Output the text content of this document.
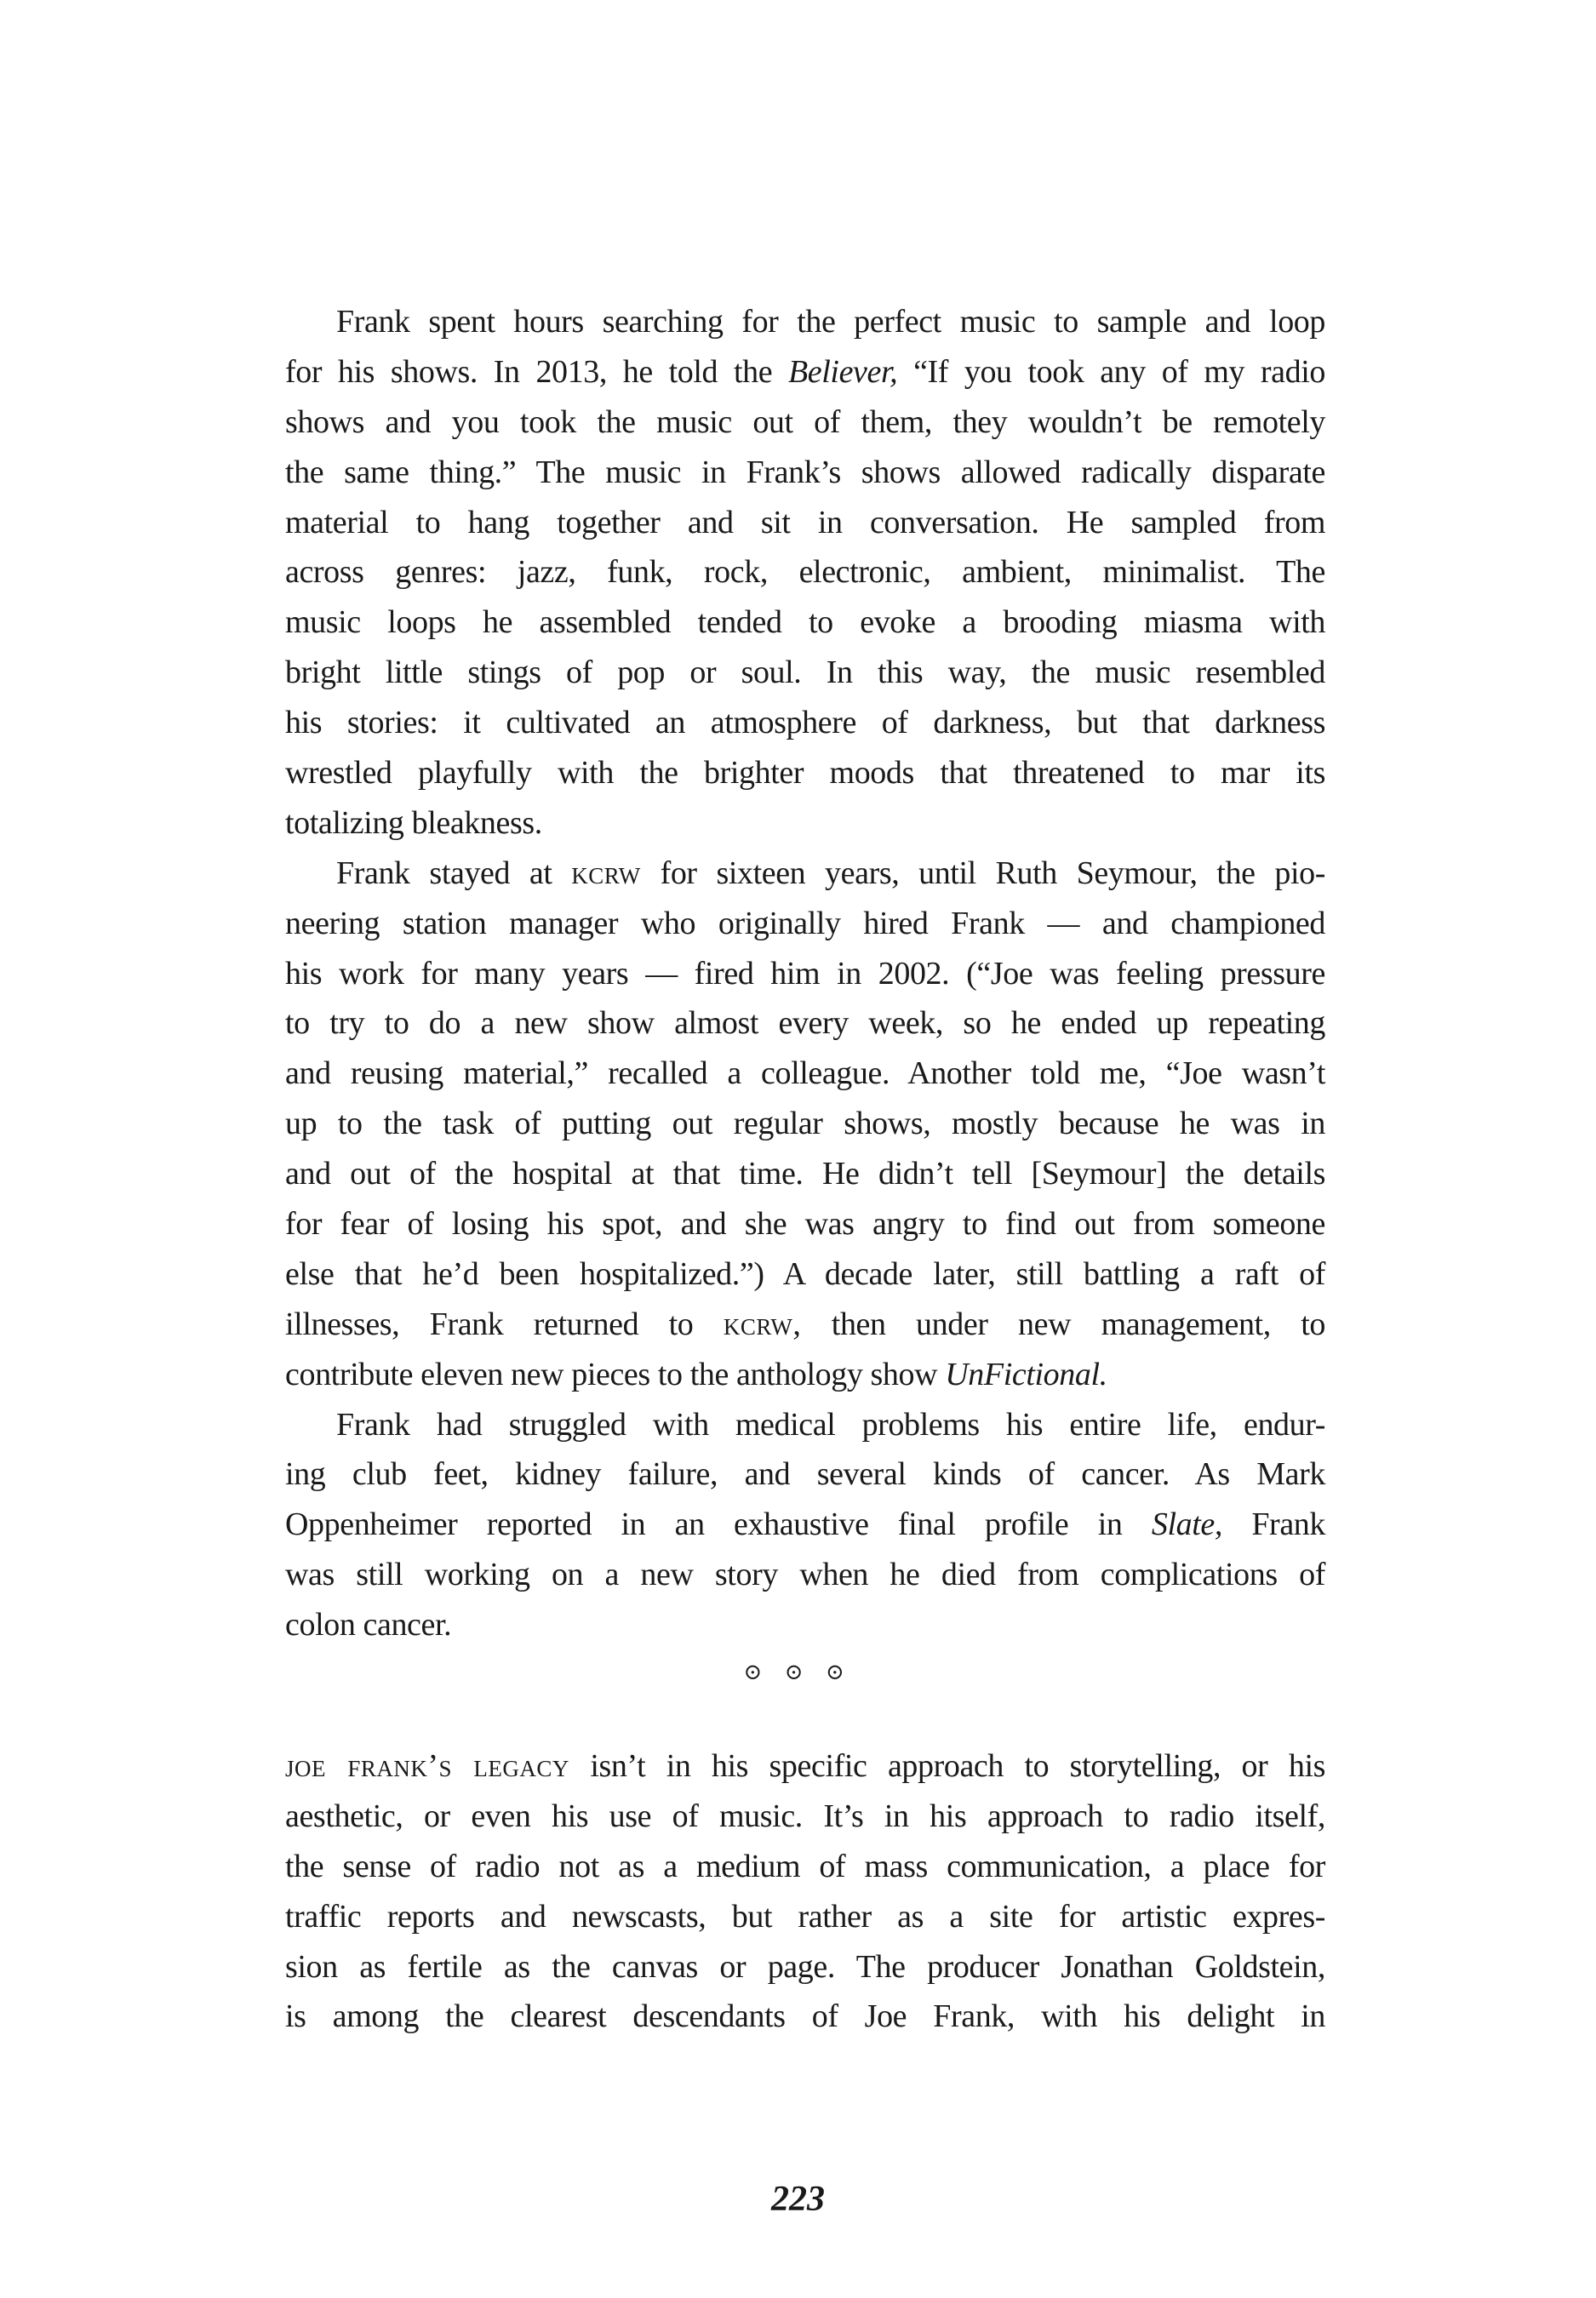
Frank spent hours searching for the perfect music to sample and loop
for his shows. In 2013, he told the Believer, “If you took any of my radio
shows and you took the music out of them, they wouldn’t be remotely
the same thing.” The music in Frank’s shows allowed radically disparate
material to hang together and sit in conversation. He sampled from
across genres: jazz, funk, rock, electronic, ambient, minimalist. The
music loops he assembled tended to evoke a brooding miasma with
bright little stings of pop or soul. In this way, the music resembled
his stories: it cultivated an atmosphere of darkness, but that darkness
wrestled playfully with the brighter moods that threatened to mar its
totalizing bleakness.
Frank stayed at kcrw for sixteen years, until Ruth Seymour, the pio-
neering station manager who originally hired Frank — and championed
his work for many years — fired him in 2002. (“Joe was feeling pressure
to try to do a new show almost every week, so he ended up repeating
and reusing material,” recalled a colleague. Another told me, “Joe wasn’t
up to the task of putting out regular shows, mostly because he was in
and out of the hospital at that time. He didn’t tell [Seymour] the details
for fear of losing his spot, and she was angry to find out from someone
else that he’d been hospitalized.”) A decade later, still battling a raft of
illnesses, Frank returned to kcrw, then under new management, to
contribute eleven new pieces to the anthology show UnFictional.
Frank had struggled with medical problems his entire life, endur-
ing club feet, kidney failure, and several kinds of cancer. As Mark
Oppenheimer reported in an exhaustive final profile in Slate, Frank
was still working on a new story when he died from complications of
colon cancer.
⊙ ⊙ ⊙
joe frank’s legacy isn’t in his specific approach to storytelling, or his
aesthetic, or even his use of music. It’s in his approach to radio itself,
the sense of radio not as a medium of mass communication, a place for
traffic reports and newscasts, but rather as a site for artistic expres-
sion as fertile as the canvas or page. The producer Jonathan Goldstein,
is among the clearest descendants of Joe Frank, with his delight in
223
